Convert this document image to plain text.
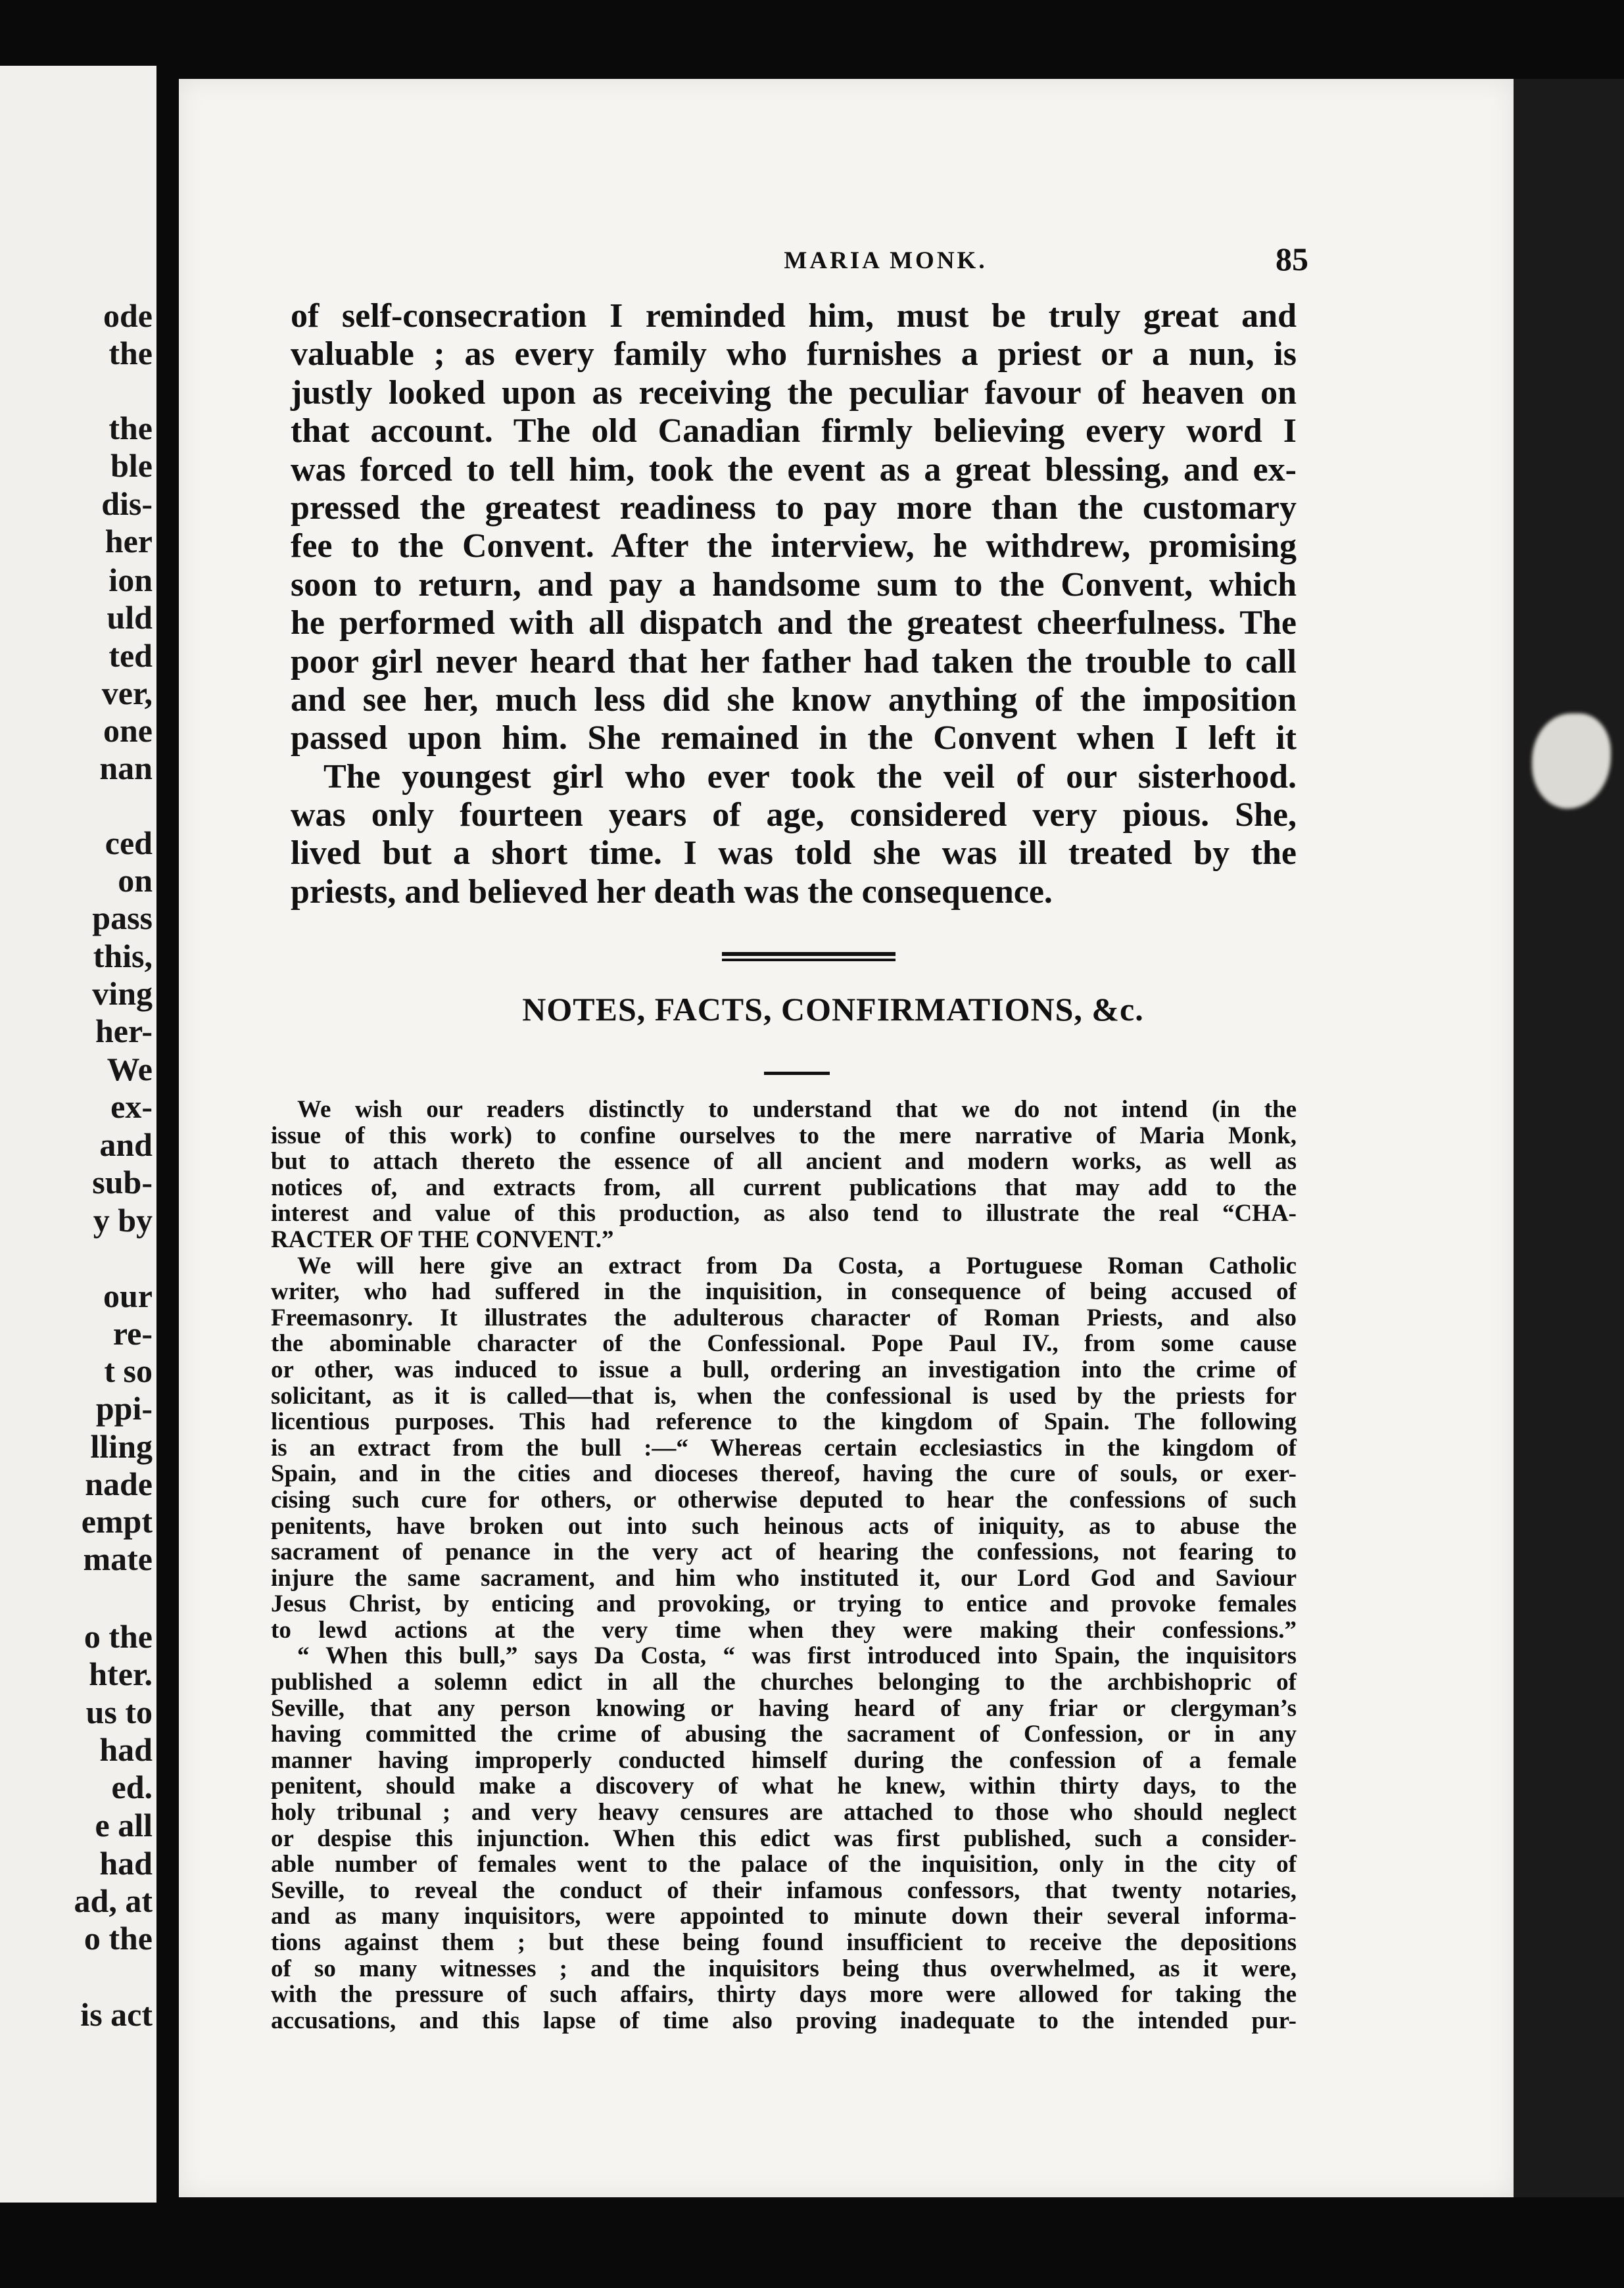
ode
the
the
ble
dis-
her
ion
uld
ted
ver,
one
nan
ced
on
pass
this,
ving
her-
We
ex-
and
sub-
y by
our
re-
t so
ppi-
lling
nade
empt
mate
o the
hter.
us to
had
ed.
e all
had
ad, at
o the
is act
MARIA MONK.	85
of self-consecration I reminded him, must be truly great and
valuable ; as every family who furnishes a priest or a nun, is
justly looked upon as receiving the peculiar favour of heaven on
that account. The old Canadian firmly believing every word I
was forced to tell him, took the event as a great blessing, and ex-
pressed the greatest readiness to pay more than the customary
fee to the Convent. After the interview, he withdrew, promising
soon to return, and pay a handsome sum to the Convent, which
he performed with all dispatch and the greatest cheerfulness. The
poor girl never heard that her father had taken the trouble to call
and see her, much less did she know anything of the imposition
passed upon him. She remained in the Convent when I left it
The youngest girl who ever took the veil of our sisterhood.
was only fourteen years of age, considered very pious. She,
lived but a short time. I was told she was ill treated by the
priests, and believed her death was the consequence.
NOTES, FACTS, CONFIRMATIONS, &c.
We wish our readers distinctly to understand that we do not intend (in the
issue of this work) to confine ourselves to the mere narrative of Maria Monk,
but to attach thereto the essence of all ancient and modern works, as well as
notices of, and extracts from, all current publications that may add to the
interest and value of this production, as also tend to illustrate the real “CHA-
RACTER OF THE CONVENT.”
We will here give an extract from Da Costa, a Portuguese Roman Catholic
writer, who had suffered in the inquisition, in consequence of being accused of
Freemasonry. It illustrates the adulterous character of Roman Priests, and also
the abominable character of the Confessional. Pope Paul IV., from some cause
or other, was induced to issue a bull, ordering an investigation into the crime of
solicitant, as it is called—that is, when the confessional is used by the priests for
licentious purposes. This had reference to the kingdom of Spain. The following
is an extract from the bull :—“ Whereas certain ecclesiastics in the kingdom of
Spain, and in the cities and dioceses thereof, having the cure of souls, or exer-
cising such cure for others, or otherwise deputed to hear the confessions of such
penitents, have broken out into such heinous acts of iniquity, as to abuse the
sacrament of penance in the very act of hearing the confessions, not fearing to
injure the same sacrament, and him who instituted it, our Lord God and Saviour
Jesus Christ, by enticing and provoking, or trying to entice and provoke females
to lewd actions at the very time when they were making their confessions.”
“ When this bull,” says Da Costa, “ was first introduced into Spain, the inquisitors
published a solemn edict in all the churches belonging to the archbishopric of
Seville, that any person knowing or having heard of any friar or clergyman’s
having committed the crime of abusing the sacrament of Confession, or in any
manner having improperly conducted himself during the confession of a female
penitent, should make a discovery of what he knew, within thirty days, to the
holy tribunal ; and very heavy censures are attached to those who should neglect
or despise this injunction. When this edict was first published, such a consider-
able number of females went to the palace of the inquisition, only in the city of
Seville, to reveal the conduct of their infamous confessors, that twenty notaries,
and as many inquisitors, were appointed to minute down their several informa-
tions against them ; but these being found insufficient to receive the depositions
of so many witnesses ; and the inquisitors being thus overwhelmed, as it were,
with the pressure of such affairs, thirty days more were allowed for taking the
accusations, and this lapse of time also proving inadequate to the intended pur-
